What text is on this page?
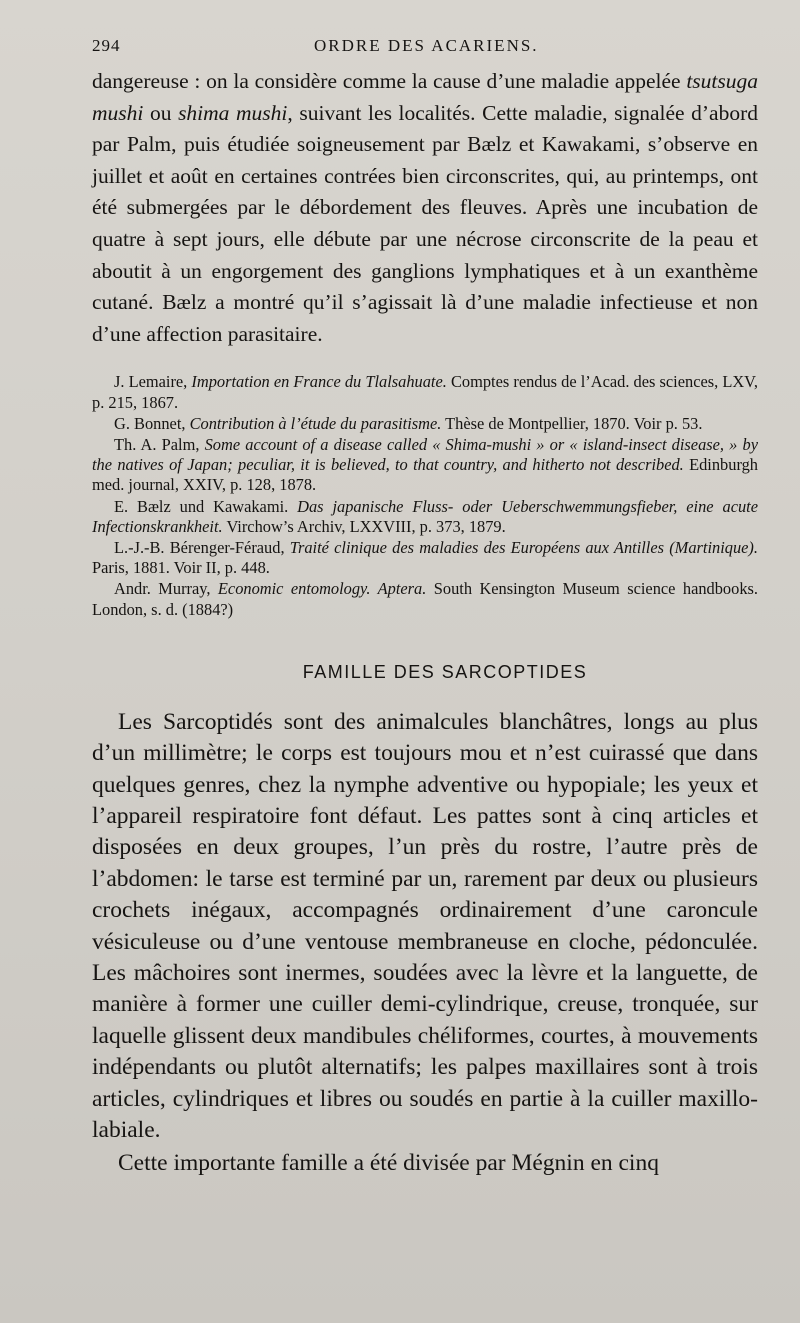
294	ORDRE DES ACARIENS.

dangereuse : on la considère comme la cause d’une maladie appelée tsutsuga mushi ou shima mushi, suivant les localités. Cette maladie, signalée d’abord par Palm, puis étudiée soigneusement par Bælz et Kawakami, s’observe en juillet et août en certaines contrées bien circonscrites, qui, au printemps, ont été submergées par le débordement des fleuves. Après une incubation de quatre à sept jours, elle débute par une nécrose circonscrite de la peau et aboutit à un engorgement des ganglions lymphatiques et à un exanthème cutané. Bælz a montré qu’il s’agissait là d’une maladie infectieuse et non d’une affection parasitaire.

J. Lemaire, Importation en France du Tlalsahuate. Comptes rendus de l’Acad. des sciences, LXV, p. 215, 1867.

G. Bonnet, Contribution à l’étude du parasitisme. Thèse de Montpellier, 1870. Voir p. 53.

Th. A. Palm, Some account of a disease called « Shima-mushi » or « island-insect disease, » by the natives of Japan; peculiar, it is believed, to that country, and hitherto not described. Edinburgh med. journal, XXIV, p. 128, 1878.

E. Bælz und Kawakami. Das japanische Fluss- oder Ueberschwemmungsfieber, eine acute Infectionskrankheit. Virchow’s Archiv, LXXVIII, p. 373, 1879.

L.-J.-B. Bérenger-Féraud, Traité clinique des maladies des Européens aux Antilles (Martinique). Paris, 1881. Voir II, p. 448.

Andr. Murray, Economic entomology. Aptera. South Kensington Museum science handbooks. London, s. d. (1884?)

FAMILLE DES SARCOPTIDES

Les Sarcoptidés sont des animalcules blanchâtres, longs au plus d’un millimètre; le corps est toujours mou et n’est cuirassé que dans quelques genres, chez la nymphe adventive ou hypopiale; les yeux et l’appareil respiratoire font défaut. Les pattes sont à cinq articles et disposées en deux groupes, l’un près du rostre, l’autre près de l’abdomen: le tarse est terminé par un, rarement par deux ou plusieurs crochets inégaux, accompagnés ordinairement d’une caroncule vésiculeuse ou d’une ventouse membraneuse en cloche, pédonculée. Les mâchoires sont inermes, soudées avec la lèvre et la languette, de manière à former une cuiller demi-cylindrique, creuse, tronquée, sur laquelle glissent deux mandibules chéliformes, courtes, à mouvements indépendants ou plutôt alternatifs; les palpes maxillaires sont à trois articles, cylindriques et libres ou soudés en partie à la cuiller maxillo-labiale.

Cette importante famille a été divisée par Mégnin en cinq
